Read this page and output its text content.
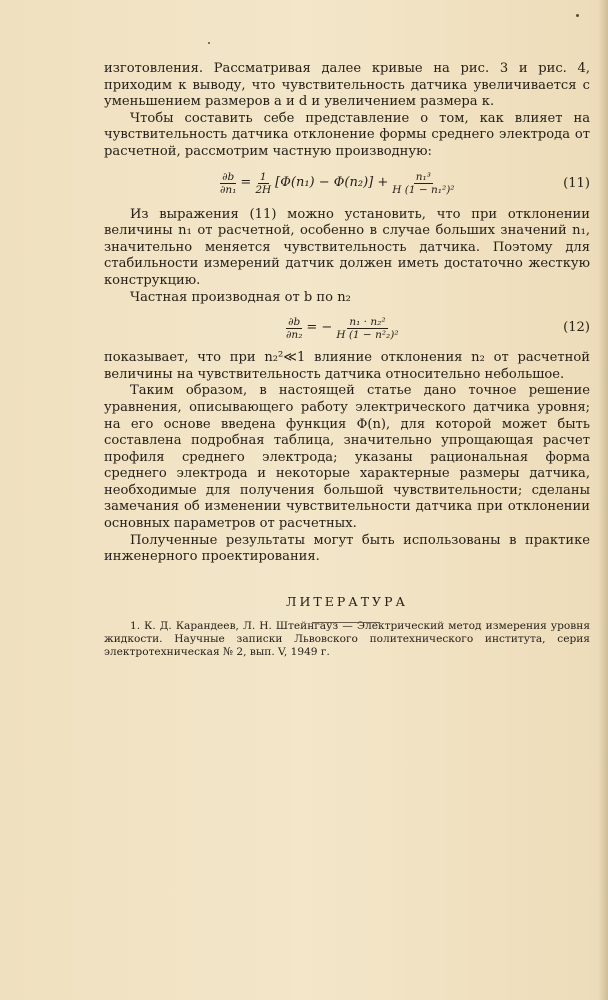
изготовления. Рассматривая далее кривые на рис. 3 и рис. 4, приходим к выводу, что чувствительность датчика увеличивается с уменьшением размеров a и d и увеличением размера к.

Чтобы составить себе представление о том, как влияет на чувствительность датчика отклонение формы среднего электрода от расчетной, рассмотрим частную производную:

$\frac{\partial b}{\text{∂n₁}} = \frac{1}{2H} [\Phi(n_1) - \Phi(n_2)] + \frac{\text{n₁³}}{\text{H (1 − n₁²)²}}$	(11)

Из выражения (11) можно установить, что при отклонении величины n₁ от расчетной, особенно в случае больших значений n₁, значительно меняется чувствительность датчика. Поэтому для стабильности измерений датчик должен иметь достаточно жесткую конструкцию.

Частная производная от b по n₂

$\frac{\partial b}{\text{∂n₂}}$ = − $\frac{\text{n₁ · n₂²}}{\text{H (1 − n²₂)²}}$	(12)

показывает, что при n₂²≪1 влияние отклонения n₂ от расчетной величины на чувствительность датчика относительно небольшое.

Таким образом, в настоящей статье дано точное решение уравнения, описывающего работу электрического датчика уровня; на его основе введена функция Φ(n), для которой может быть составлена подробная таблица, значительно упрощающая расчет профиля среднего электрода; указаны рациональная форма среднего электрода и некоторые характерные размеры датчика, необходимые для получения большой чувствительности; сделаны замечания об изменении чувствительности датчика при отклонении основных параметров от расчетных.

Полученные результаты могут быть использованы в практике инженерного проектирования.

ЛИТЕРАТУРА

1. К. Д. Карандеев, Л. Н. Штейнгауз — Электрический метод измерения уровня жидкости. Научные записки Львовского политехнического института, серия электротехническая № 2, вып. V, 1949 г.
